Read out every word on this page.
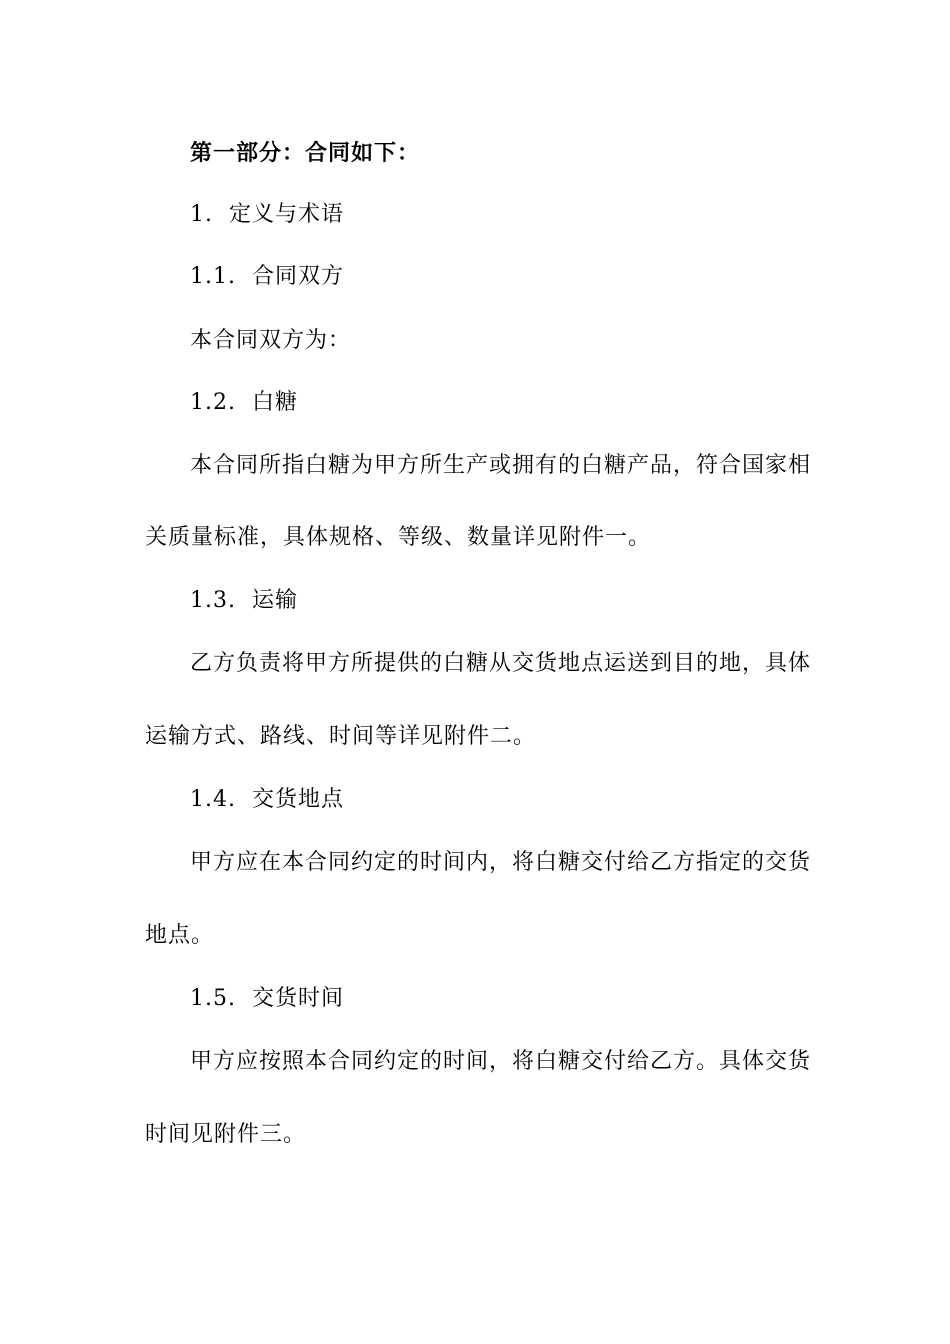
第一部分：合同如下：
1. 定义与术语
1.1. 合同双方
本合同双方为：
1.2. 白糖
本合同所指白糖为甲方所生产或拥有的白糖产品，符合国家相
关质量标准，具体规格、等级、数量详见附件一。
1.3. 运输
乙方负责将甲方所提供的白糖从交货地点运送到目的地，具体
运输方式、路线、时间等详见附件二。
1.4. 交货地点
甲方应在本合同约定的时间内，将白糖交付给乙方指定的交货
地点。
1.5. 交货时间
甲方应按照本合同约定的时间，将白糖交付给乙方。具体交货
时间见附件三。
